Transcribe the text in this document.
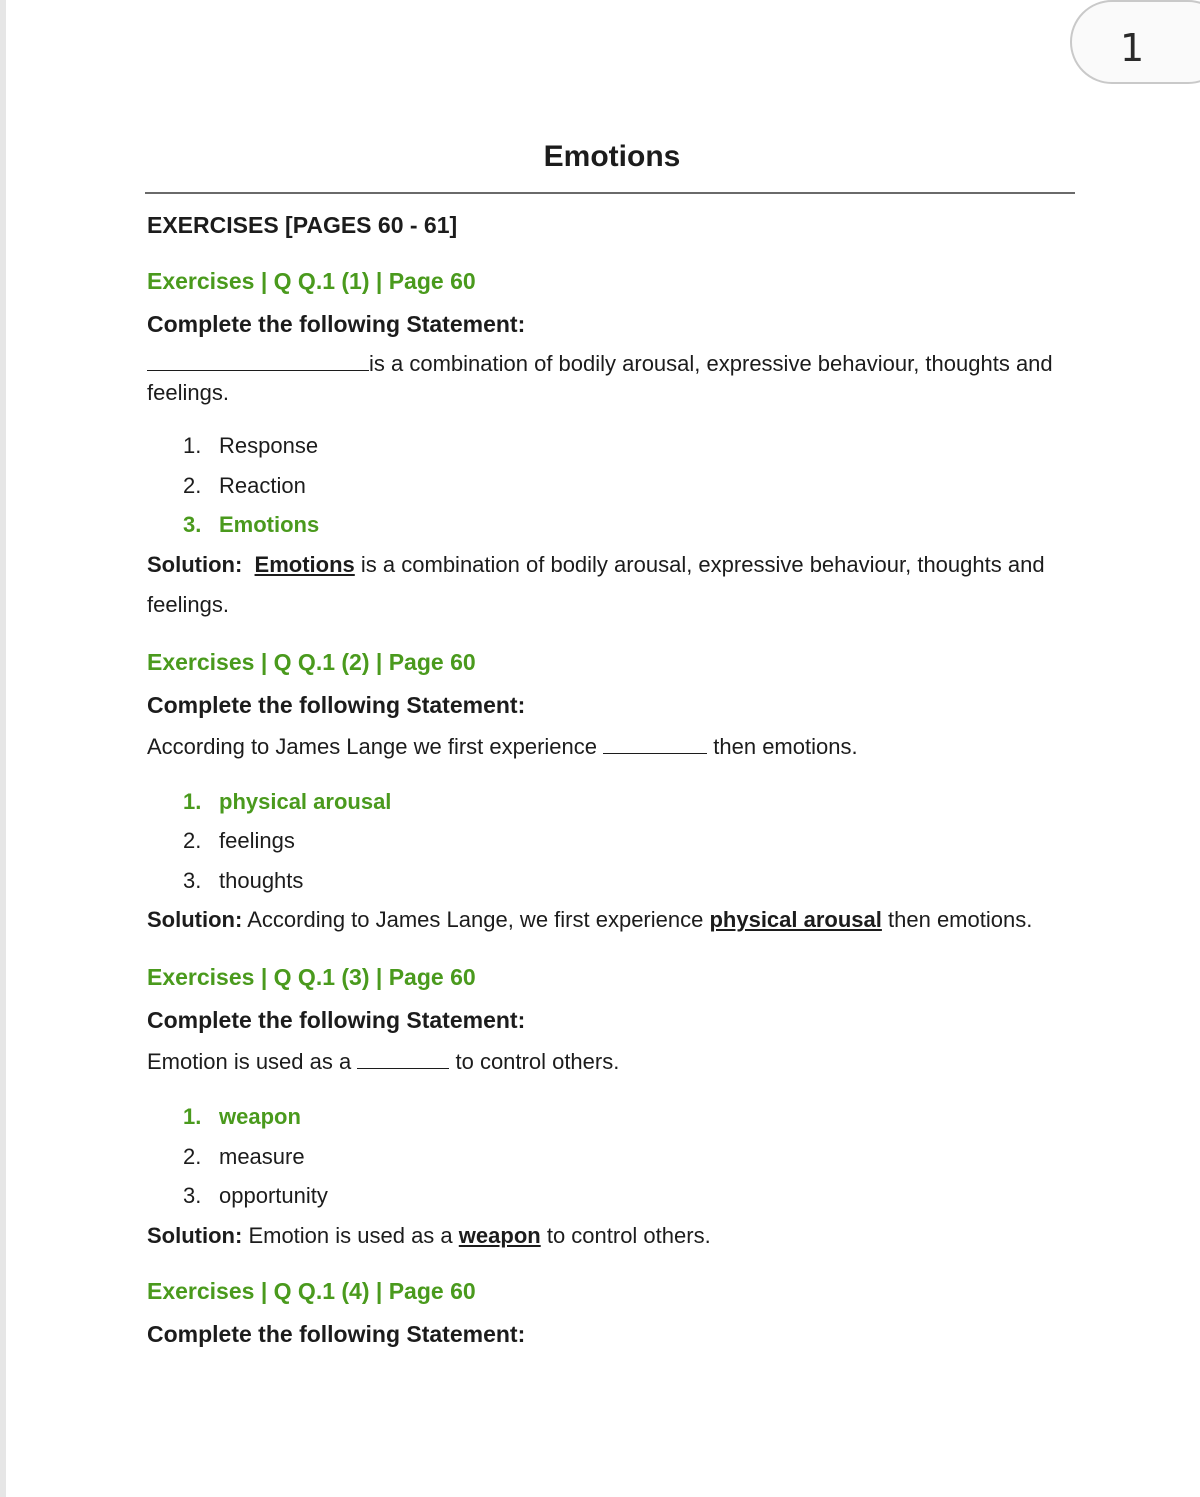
1
Emotions
EXERCISES [PAGES 60 - 61]
Exercises | Q Q.1 (1) | Page 60
Complete the following Statement:
is a combination of bodily arousal, expressive behaviour, thoughts and feelings.
1. Response
2. Reaction
3. Emotions
Solution: Emotions is a combination of bodily arousal, expressive behaviour, thoughts and feelings.
Exercises | Q Q.1 (2) | Page 60
Complete the following Statement:
According to James Lange we first experience	then emotions.
1. physical arousal
2. feelings
3. thoughts
Solution: According to James Lange, we first experience physical arousal then emotions.
Exercises | Q Q.1 (3) | Page 60
Complete the following Statement:
Emotion is used as a	to control others.
1. weapon
2. measure
3. opportunity
Solution: Emotion is used as a weapon to control others.
Exercises | Q Q.1 (4) | Page 60
Complete the following Statement:
